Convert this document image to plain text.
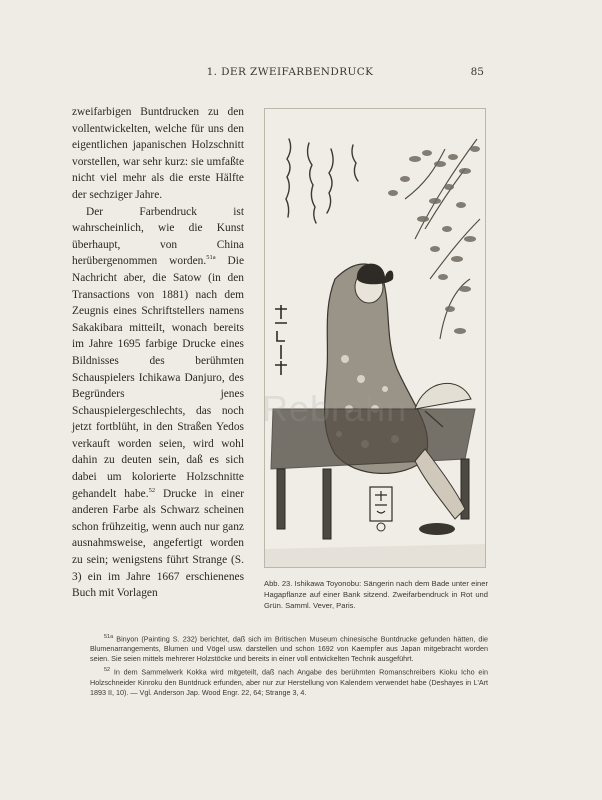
1. DER ZWEIFARBENDRUCK	85

zweifarbigen Buntdrucken zu den vollentwickelten, welche für uns den eigentlichen japanischen Holzschnitt vorstellen, war sehr kurz: sie umfaßte nicht viel mehr als die erste Hälfte der sechziger Jahre.

Der Farbendruck ist wahrscheinlich, wie die Kunst überhaupt, von China herübergenommen worden.$^{51a}$ Die Nachricht aber, die Satow (in den Transactions von 1881) nach dem Zeugnis eines Schriftstellers namens Sakakibara mitteilt, wonach bereits im Jahre 1695 farbige Drucke eines Bildnisses des berühmten Schauspielers Ichikawa Danjuro, des Begründers jenes Schauspielergeschlechts, das noch jetzt fortblüht, in den Straßen Yedos verkauft worden seien, wird wohl dahin zu deuten sein, daß es sich dabei um kolorierte Holzschnitte gehandelt habe.$^{52}$ Drucke in einer anderen Farbe als Schwarz scheinen schon frühzeitig, wenn auch nur ganz ausnahmsweise, angefertigt worden zu sein; wenigstens führt Strange (S. 3) ein im Jahre 1667 erschienenes Buch mit Vorlagen

Rebrahn
Abb. 23. Ishikawa Toyonobu: Sängerin nach dem Bade unter einer Hagapflanze auf einer Bank sitzend. Zweifarbendruck in Rot und Grün. Samml. Vever, Paris.

$^{51a}$ Binyon (Painting S. 232) berichtet, daß sich im Britischen Museum chinesische Buntdrucke gefunden hätten, die Blumenarrangements, Blumen und Vögel usw. darstellen und schon 1692 von Kaempfer aus Japan mitgebracht worden seien. Sie seien mittels mehrerer Holzstöcke und bereits in einer voll entwickelten Technik ausgeführt.

$^{52}$ In dem Sammelwerk Kokka wird mitgeteilt, daß nach Angabe des berühmten Romanschreibers Kioku Icho ein Holzschneider Kinroku den Buntdruck erfunden, aber nur zur Herstellung von Kalendern verwendet habe (Deshayes in L'Art 1893 II, 10). — Vgl. Anderson Jap. Wood Engr. 22, 64; Strange 3, 4.
